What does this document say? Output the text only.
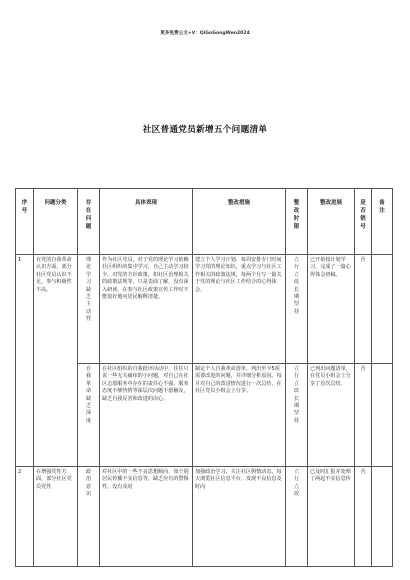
更多免费公文+V：QiGoGongWen2024
社区普通党员新增五个问题清单
序号	问题分类	存在问题	具体表现	整改措施	整改时限	整改进展	是否销号	备注

1	在党的自我革命认识方面，部分社区党员认识不足，参与积极性不高。	理论学习缺乏主动性	作为社区党员，对于党的理论学习依赖社区组织的集中学习，自己主动学习较少，对党的方针政策，如社区治理相关的政策法规等，只是表面了解，没有深入研读。在参与社区政策宣传工作时不能很好地向居民解释清楚。	建立个人学习计划，每周安排专门时间学习党的理论知识，重点学习与社区工作相关的政策法规，每两个月写一篇关于党的理论与社区工作结合的心得体会。	立行立改长期坚持	已开始按计划学习，完成了一篇心得体会初稿。	否	

		自我革命缺乏深度	在社区组织的自我批评活动中，往往只说一些无关痛痒的小问题，对自己在社区志愿服务中存在的责任心不强、服务态度不够热情等深层次问题不愿触及，缺乏自我反省和改进的决心。	制定个人自我革命清单，列出至少5项需要改进的问题，并详细分析原因。每月对自己的改进情况进行一次总结，在社区党员小组会上分享。	立行立改长期坚持	已列出问题清单，在党员小组会上分享了首次总结。	否	
2	在增强党性方面，部分社区党员党性	政治意识	对社区中的一些不良思想倾向，如个别居民传播不实信息等，缺乏应有的警惕性，没有及时	加强政治学习，关注社区舆情动态，每天浏览社区信息平台，发现不良信息及时向	立行立改	已及时汇报并处理了两起不实信息传	否	
